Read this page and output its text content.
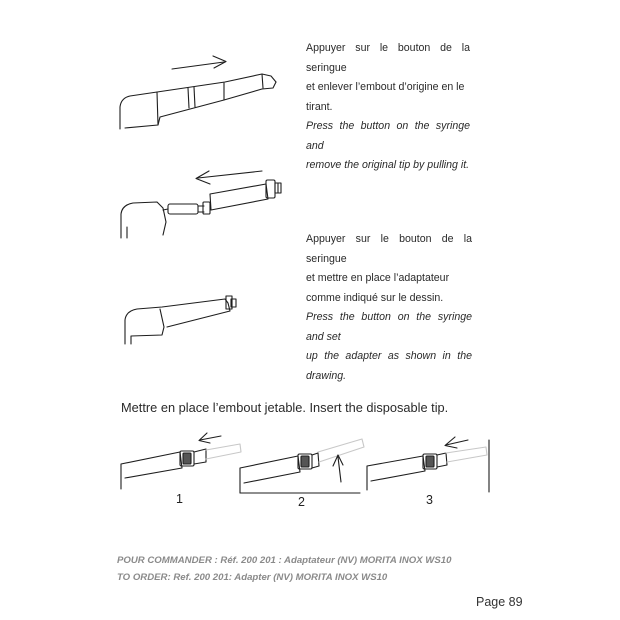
Appuyer sur le bouton de la seringue
et enlever l’embout d’origine en le
tirant.
Press the button on the syringe and
remove the original tip by pulling it.
Appuyer sur le bouton de la seringue
et mettre en place l’adaptateur
comme indiqué sur le dessin.
Press the button on the syringe and set
up the adapter as shown in the drawing.
Mettre en place l’embout jetable. Insert the disposable tip.
1	2	3
POUR COMMANDER : Réf. 200 201 : Adaptateur (NV) MORITA INOX WS10
TO ORDER: Ref. 200 201: Adapter (NV) MORITA INOX WS10
Page 89
